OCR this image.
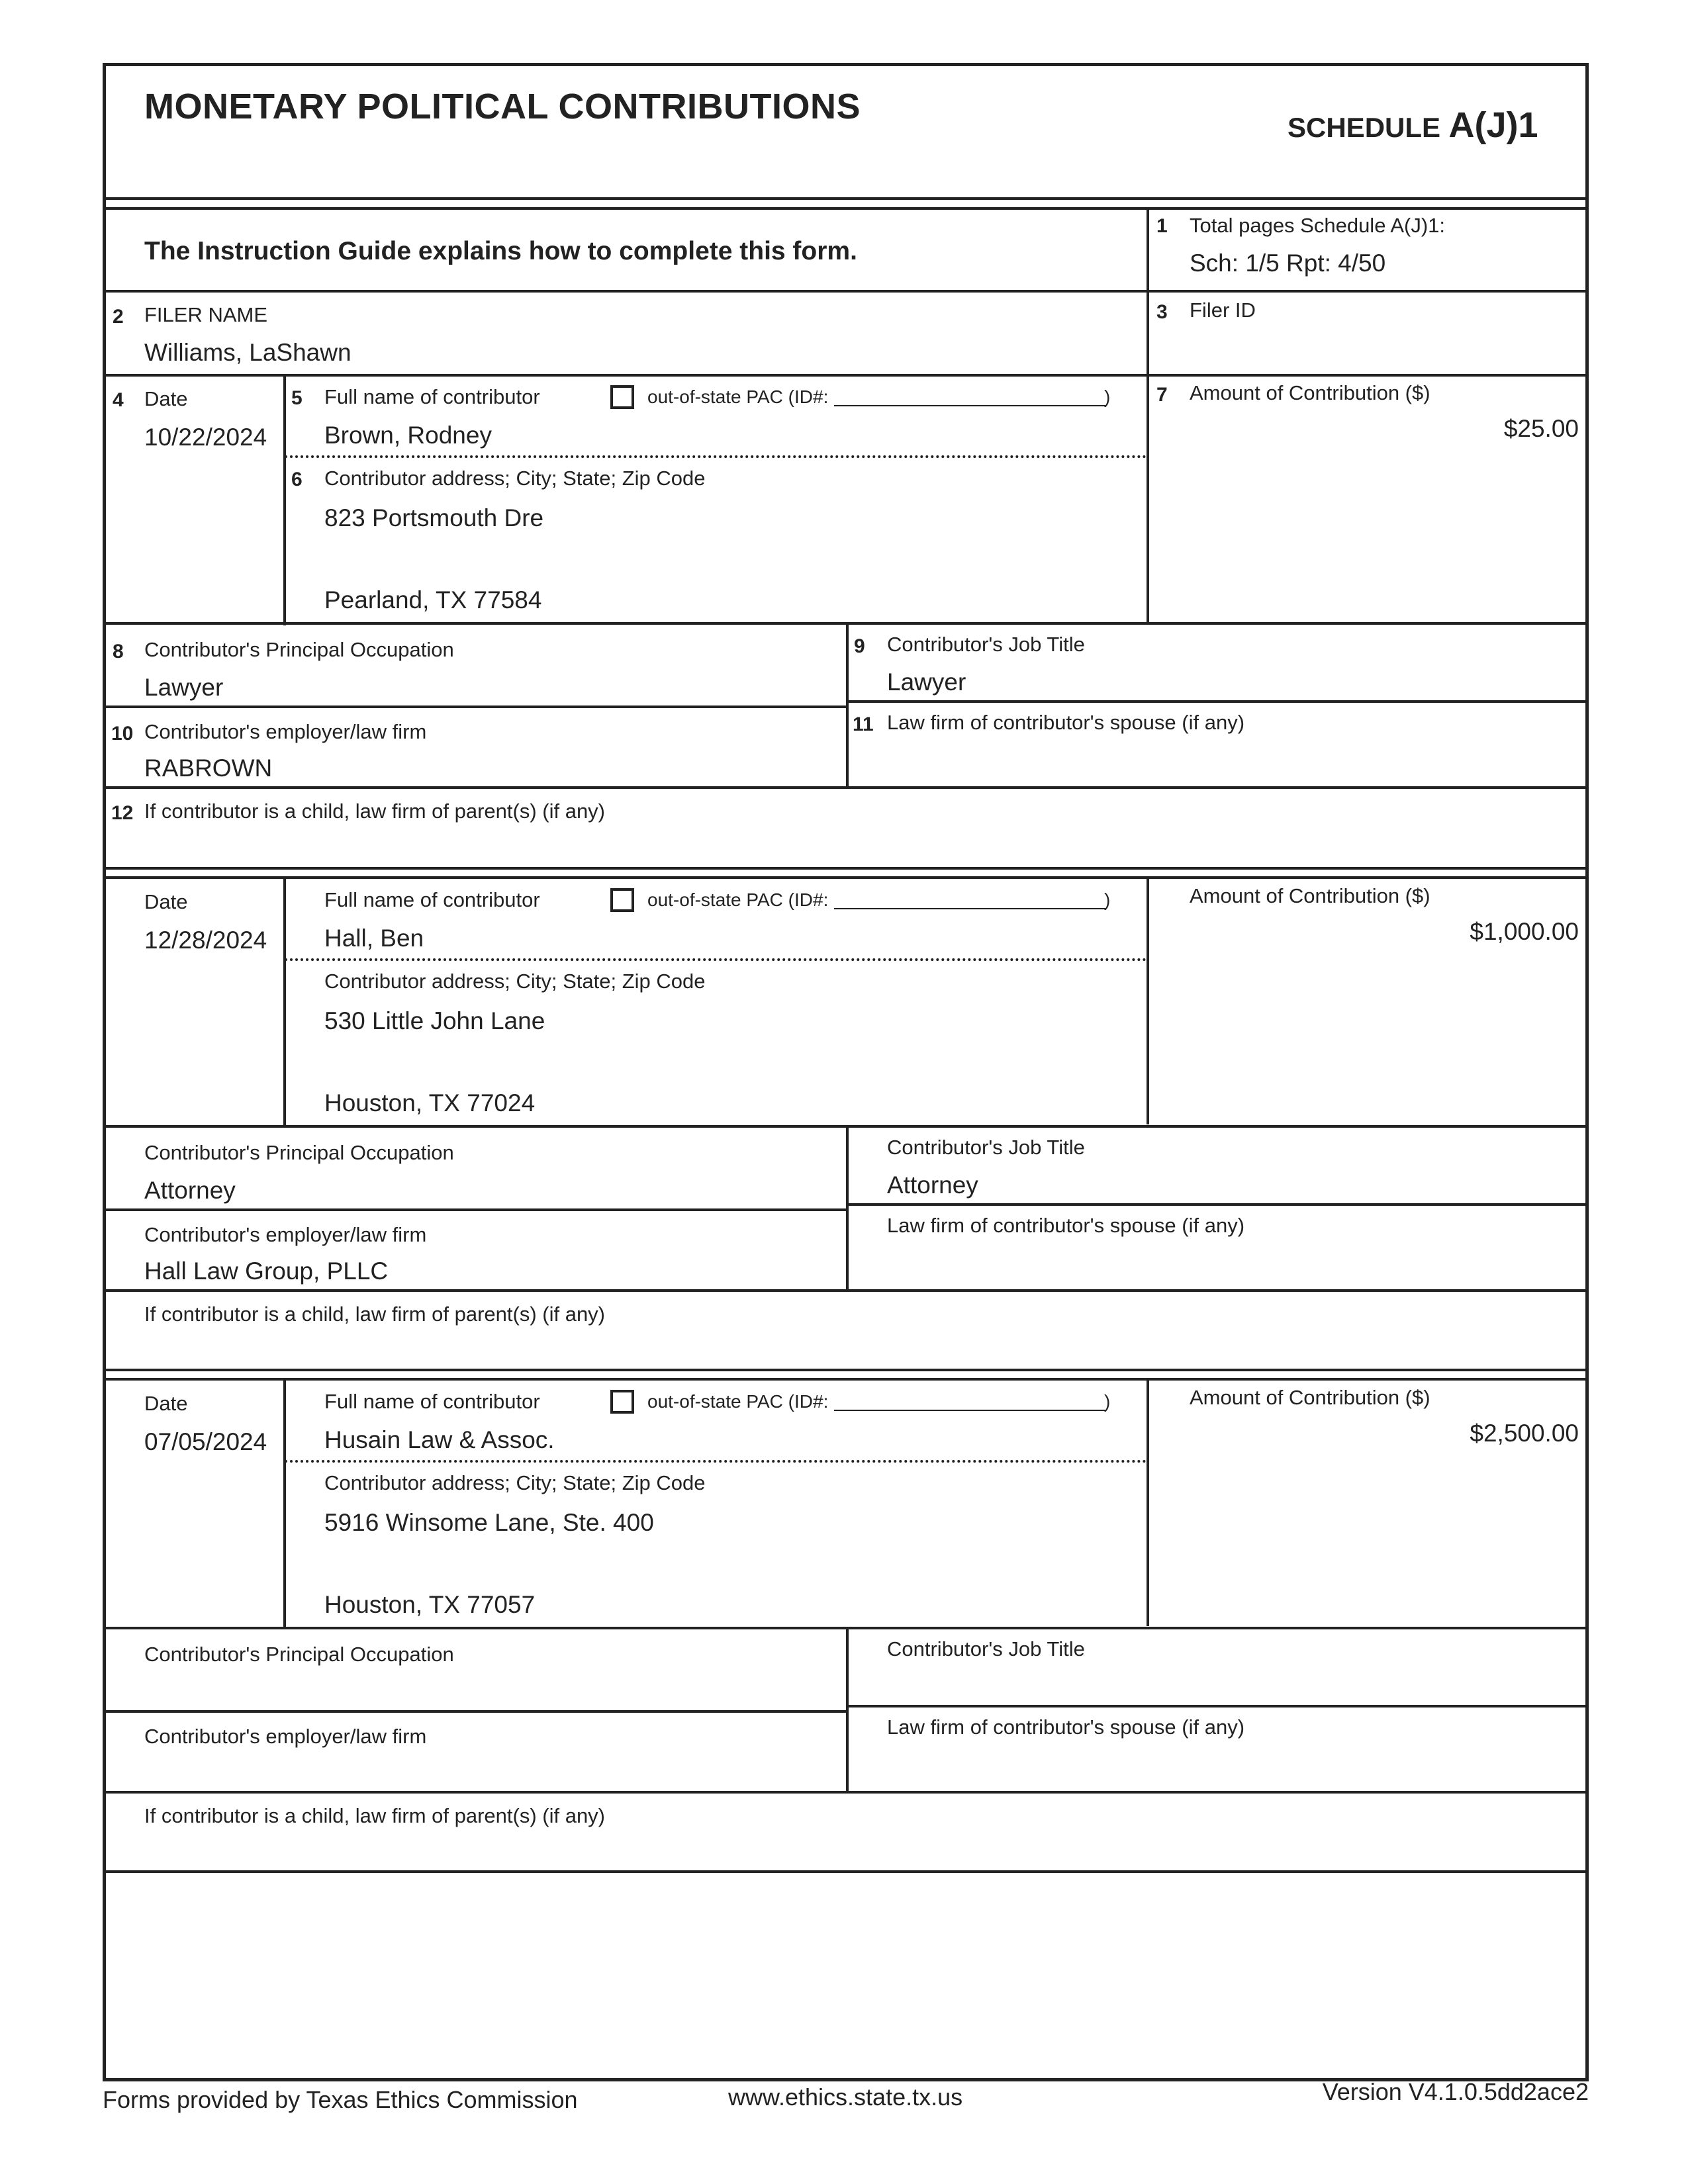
MONETARY POLITICAL CONTRIBUTIONS
SCHEDULE A(J)1
The Instruction Guide explains how to complete this form.
1 Total pages Schedule A(J)1:
Sch: 1/5 Rpt: 4/50
2 FILER NAME
Williams, LaShawn
3 Filer ID
4 Date
10/22/2024
5 Full name of contributor	out-of-state PAC (ID#:	)
Brown, Rodney
6 Contributor address; City; State; Zip Code
823 Portsmouth Dre
Pearland, TX 77584
7 Amount of Contribution ($)
$25.00
8 Contributor's Principal Occupation
Lawyer
9 Contributor's Job Title
Lawyer
10 Contributor's employer/law firm
RABROWN
11 Law firm of contributor's spouse (if any)
12 If contributor is a child, law firm of parent(s) (if any)
Date
12/28/2024
Full name of contributor	out-of-state PAC (ID#:	)
Hall, Ben
Contributor address; City; State; Zip Code
530 Little John Lane
Houston, TX 77024
Amount of Contribution ($)
$1,000.00
Contributor's Principal Occupation
Attorney
Contributor's Job Title
Attorney
Contributor's employer/law firm
Hall Law Group, PLLC
Law firm of contributor's spouse (if any)
If contributor is a child, law firm of parent(s) (if any)
Date
07/05/2024
Full name of contributor	out-of-state PAC (ID#:	)
Husain Law & Assoc.
Contributor address; City; State; Zip Code
5916 Winsome Lane, Ste. 400
Houston, TX 77057
Amount of Contribution ($)
$2,500.00
Contributor's Principal Occupation	Contributor's Job Title
Contributor's employer/law firm	Law firm of contributor's spouse (if any)
If contributor is a child, law firm of parent(s) (if any)
Forms provided by Texas Ethics Commission	www.ethics.state.tx.us	Version V4.1.0.5dd2ace2
